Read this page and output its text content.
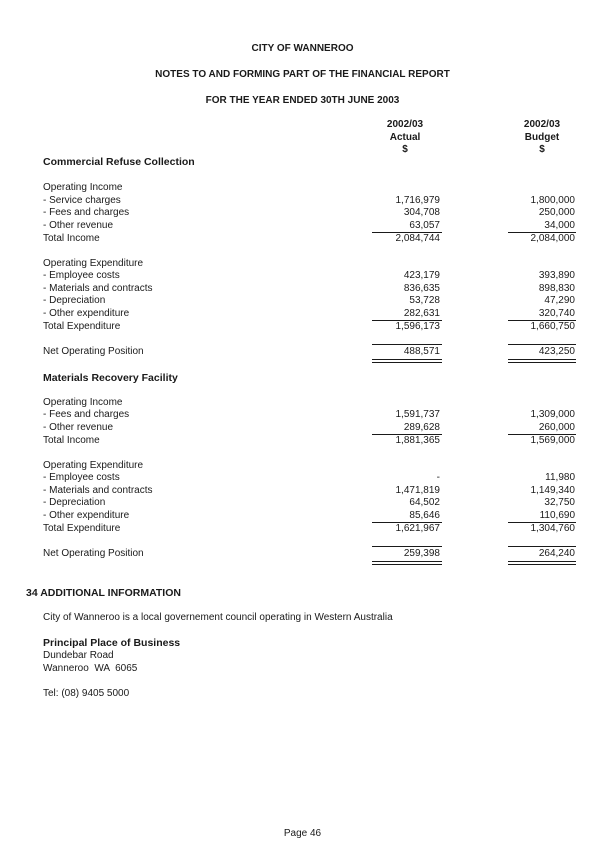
CITY OF WANNEROO
NOTES TO AND FORMING PART OF THE FINANCIAL REPORT
FOR THE YEAR ENDED 30TH JUNE 2003
2002/03
Actual
$
2002/03
Budget
$
Commercial Refuse Collection
Operating Income
- Service charges	1,716,979	1,800,000
- Fees and charges	304,708	250,000
- Other revenue	63,057	34,000
Total Income	2,084,744	2,084,000
Operating Expenditure
- Employee costs	423,179	393,890
- Materials and contracts	836,635	898,830
- Depreciation	53,728	47,290
- Other expenditure	282,631	320,740
Total Expenditure	1,596,173	1,660,750
Net Operating Position	488,571	423,250
Materials Recovery Facility
Operating Income
- Fees and charges	1,591,737	1,309,000
- Other revenue	289,628	260,000
Total Income	1,881,365	1,569,000
Operating Expenditure
- Employee costs	-	11,980
- Materials and contracts	1,471,819	1,149,340
- Depreciation	64,502	32,750
- Other expenditure	85,646	110,690
Total Expenditure	1,621,967	1,304,760
Net Operating Position	259,398	264,240
34 ADDITIONAL INFORMATION
City of Wanneroo is a local governement council operating in Western Australia
Principal Place of Business
Dundebar Road
Wanneroo  WA  6065
Tel: (08) 9405 5000
Page 46
